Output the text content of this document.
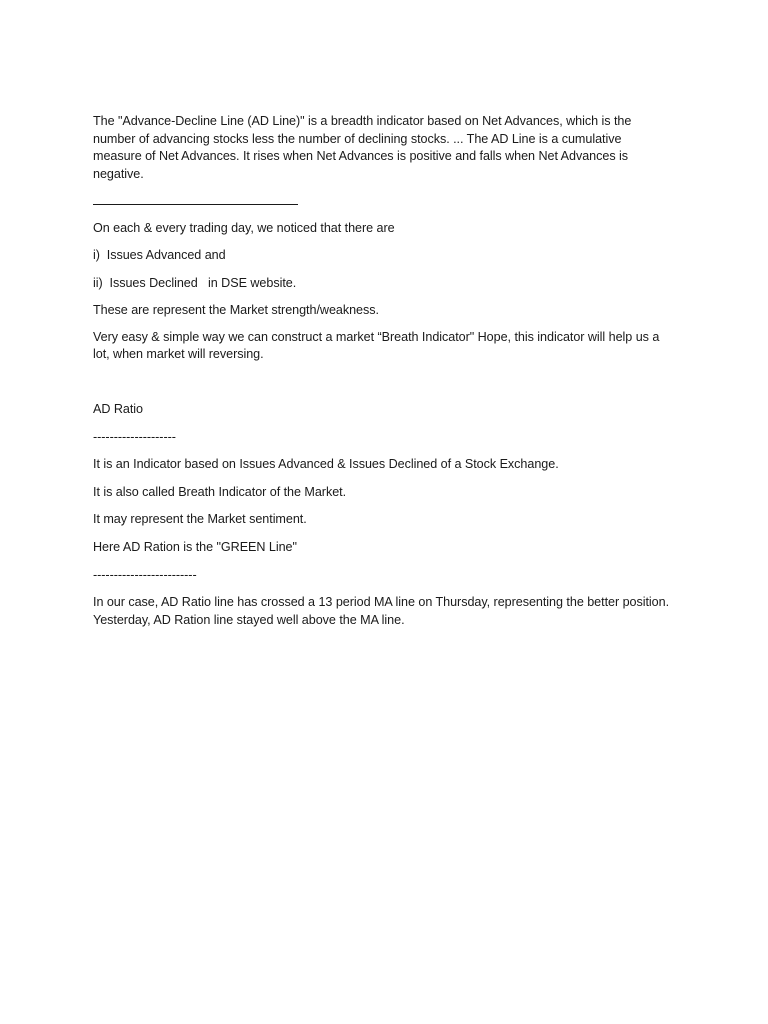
The "Advance-Decline Line (AD Line)" is a breadth indicator based on Net Advances, which is the number of advancing stocks less the number of declining stocks. ... The AD Line is a cumulative measure of Net Advances. It rises when Net Advances is positive and falls when Net Advances is negative.

On each & every trading day, we noticed that there are

i)  Issues Advanced and

ii)  Issues Declined   in DSE website.

These are represent the Market strength/weakness.

Very easy & simple way we can construct a market “Breath Indicator" Hope, this indicator will help us a lot, when market will reversing.

AD Ratio

--------------------

It is an Indicator based on Issues Advanced & Issues Declined of a Stock Exchange.

It is also called Breath Indicator of the Market.

It may represent the Market sentiment.

Here AD Ration is the "GREEN Line"

-------------------------

In our case, AD Ratio line has crossed a 13 period MA line on Thursday, representing the better position. Yesterday, AD Ration line stayed well above the MA line.
